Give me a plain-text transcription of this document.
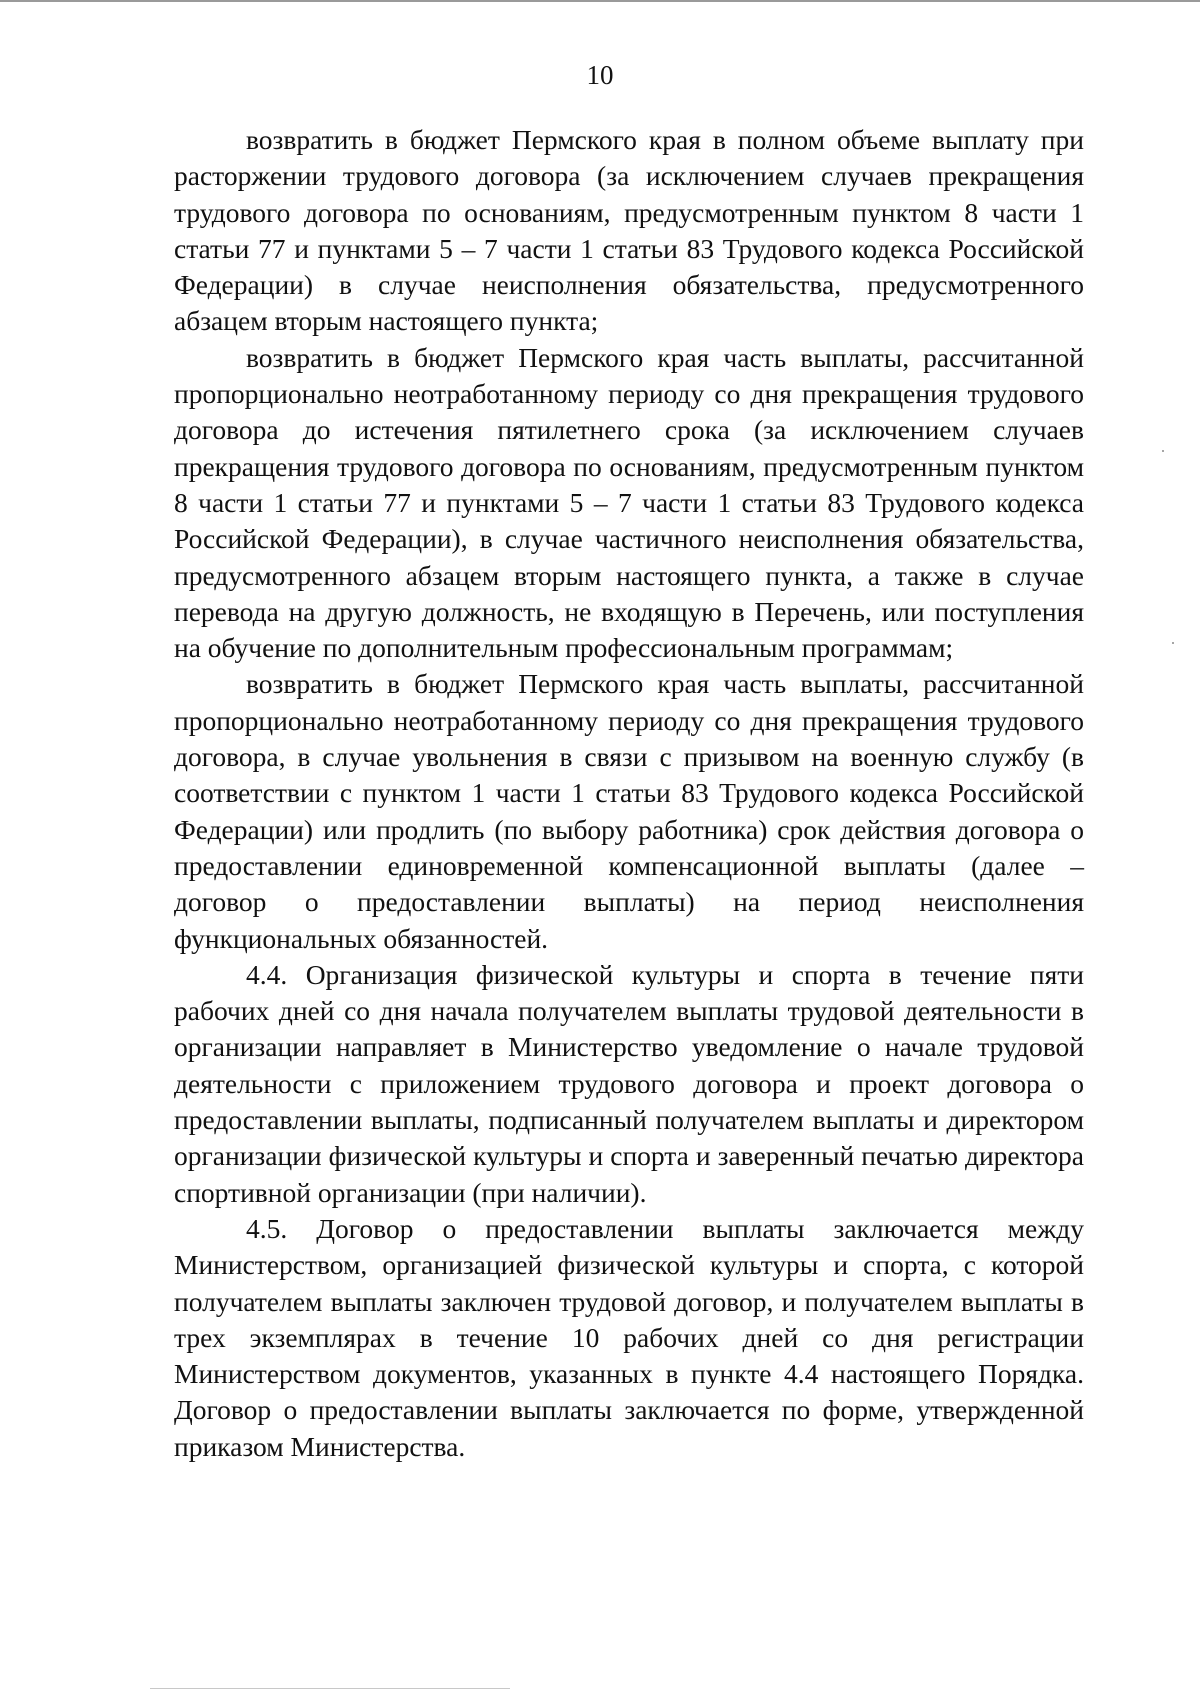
10

возвратить в бюджет Пермского края в полном объеме выплату при расторжении трудового договора (за исключением случаев прекращения трудового договора по основаниям, предусмотренным пунктом 8 части 1 статьи 77 и пунктами 5 – 7 части 1 статьи 83 Трудового кодекса Российской Федерации) в случае неисполнения обязательства, предусмотренного абзацем вторым настоящего пункта;

возвратить в бюджет Пермского края часть выплаты, рассчитанной пропорционально неотработанному периоду со дня прекращения трудового договора до истечения пятилетнего срока (за исключением случаев прекращения трудового договора по основаниям, предусмотренным пунктом 8 части 1 статьи 77 и пунктами 5 – 7 части 1 статьи 83 Трудового кодекса Российской Федерации), в случае частичного неисполнения обязательства, предусмотренного абзацем вторым настоящего пункта, а также в случае перевода на другую должность, не входящую в Перечень, или поступления на обучение по дополнительным профессиональным программам;

возвратить в бюджет Пермского края часть выплаты, рассчитанной пропорционально неотработанному периоду со дня прекращения трудового договора, в случае увольнения в связи с призывом на военную службу (в соответствии с пунктом 1 части 1 статьи 83 Трудового кодекса Российской Федерации) или продлить (по выбору работника) срок действия договора о предоставлении единовременной компенсационной выплаты (далее – договор о предоставлении выплаты) на период неисполнения функциональных обязанностей.

4.4. Организация физической культуры и спорта в течение пяти рабочих дней со дня начала получателем выплаты трудовой деятельности в организации направляет в Министерство уведомление о начале трудовой деятельности с приложением трудового договора и проект договора о предоставлении выплаты, подписанный получателем выплаты и директором организации физической культуры и спорта и заверенный печатью директора спортивной организации (при наличии).

4.5. Договор о предоставлении выплаты заключается между Министерством, организацией физической культуры и спорта, с которой получателем выплаты заключен трудовой договор, и получателем выплаты в трех экземплярах в течение 10 рабочих дней со дня регистрации Министерством документов, указанных в пункте 4.4 настоящего Порядка. Договор о предоставлении выплаты заключается по форме, утвержденной приказом Министерства.
